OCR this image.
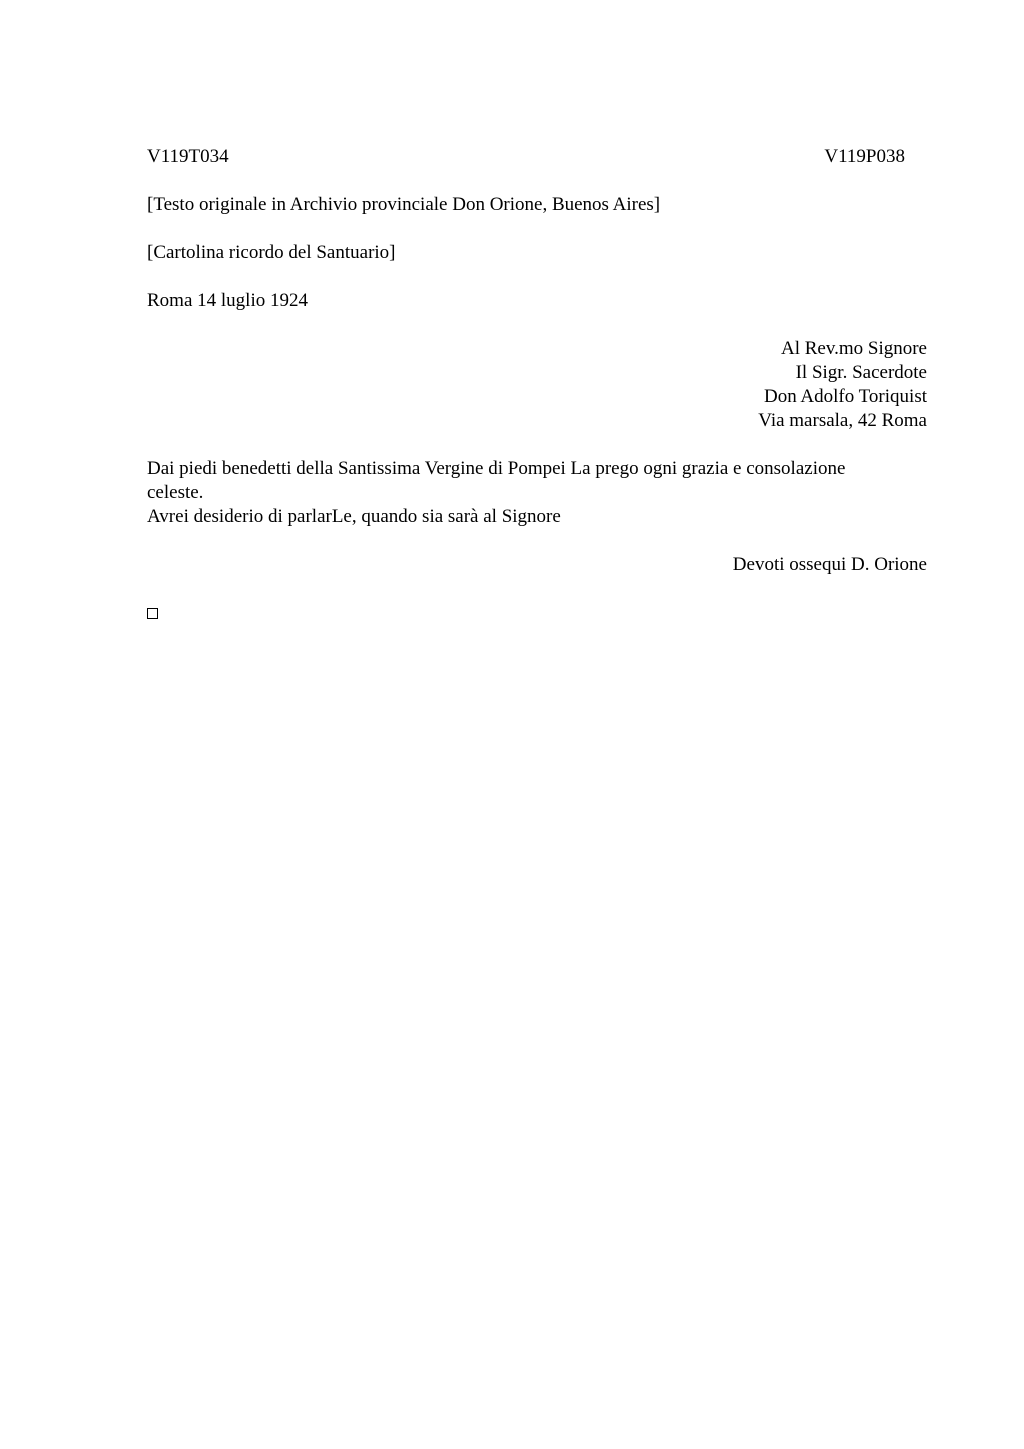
V119T034	V119P038
[Testo originale in Archivio provinciale Don Orione, Buenos Aires]
[Cartolina ricordo del Santuario]
Roma 14 luglio 1924
Al Rev.mo Signore
Il Sigr. Sacerdote
Don Adolfo Toriquist
Via marsala, 42 Roma
Dai piedi benedetti della Santissima Vergine di Pompei La prego ogni grazia e consolazione
celeste.
Avrei desiderio di parlarLe, quando sia sarà al Signore
Devoti ossequi D. Orione
